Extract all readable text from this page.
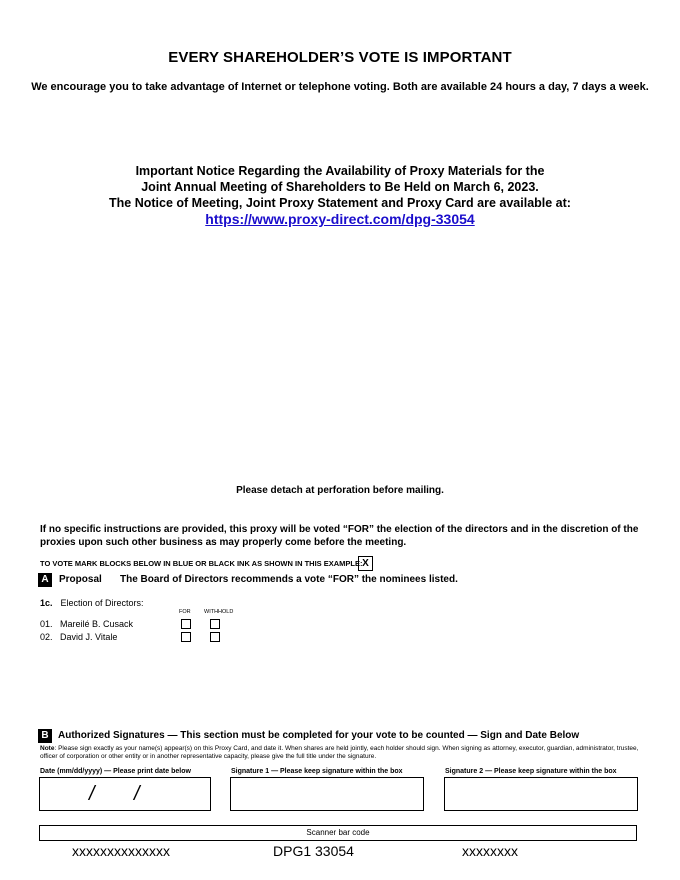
EVERY SHAREHOLDER’S VOTE IS IMPORTANT
We encourage you to take advantage of Internet or telephone voting. Both are available 24 hours a day, 7 days a week.
Important Notice Regarding the Availability of Proxy Materials for the
Joint Annual Meeting of Shareholders to Be Held on March 6, 2023.
The Notice of Meeting, Joint Proxy Statement and Proxy Card are available at:
https://www.proxy-direct.com/dpg-33054
Please detach at perforation before mailing.
If no specific instructions are provided, this proxy will be voted “FOR” the election of the directors and in the discretion of the proxies upon such other business as may properly come before the meeting.
TO VOTE MARK BLOCKS BELOW IN BLUE OR BLACK INK AS SHOWN IN THIS EXAMPLE: X
A	Proposal The Board of Directors recommends a vote “FOR” the nominees listed.
1c. Election of Directors:
FOR WITHHOLD
01. Mareilé B. Cusack
02. David J. Vitale
B Authorized Signatures — This section must be completed for your vote to be counted — Sign and Date Below
Note: Please sign exactly as your name(s) appear(s) on this Proxy Card, and date it. When shares are held jointly, each holder should sign. When signing as attorney, executor, guardian, administrator, trustee, officer of corporation or other entity or in another representative capacity, please give the full title under the signature.
Date (mm/dd/yyyy) — Please print date below	Signature 1 — Please keep signature within the box	Signature 2 — Please keep signature within the box
/ /
Scanner bar code
xxxxxxxxxxxxxx	DPG1 33054	xxxxxxxx
